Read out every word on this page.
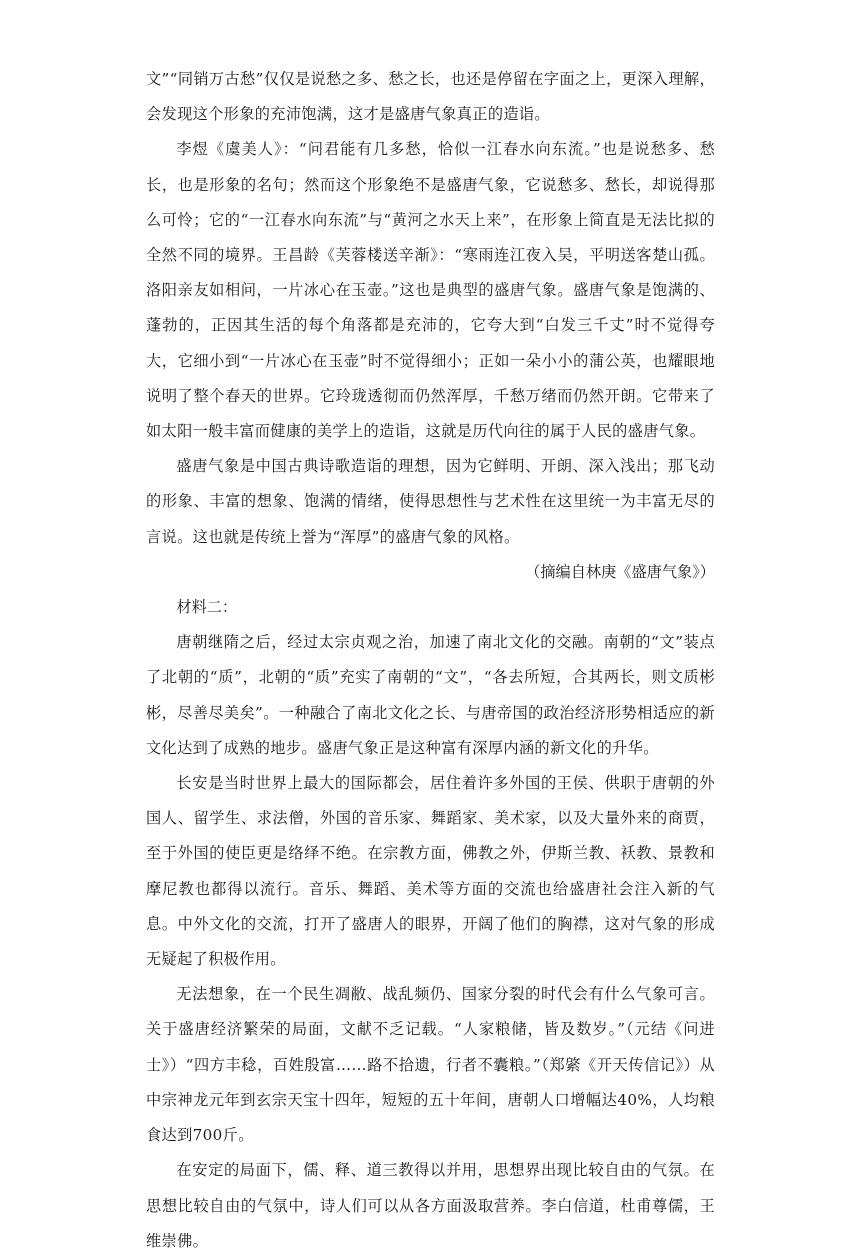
文”“同销万古愁”仅仅是说愁之多、愁之长，也还是停留在字面之上，更深入理解，会发现这个形象的充沛饱满，这才是盛唐气象真正的造诣。

李煜《虞美人》：“问君能有几多愁，恰似一江春水向东流。”也是说愁多、愁长，也是形象的名句；然而这个形象绝不是盛唐气象，它说愁多、愁长，却说得那么可怜；它的“一江春水向东流”与“黄河之水天上来”，在形象上简直是无法比拟的全然不同的境界。王昌龄《芙蓉楼送辛渐》：“寒雨连江夜入吴，平明送客楚山孤。洛阳亲友如相问，一片冰心在玉壶。”这也是典型的盛唐气象。盛唐气象是饱满的、蓬勃的，正因其生活的每个角落都是充沛的，它夸大到“白发三千丈”时不觉得夸大，它细小到“一片冰心在玉壶”时不觉得细小；正如一朵小小的蒲公英，也耀眼地说明了整个春天的世界。它玲珑透彻而仍然浑厚，千愁万绪而仍然开朗。它带来了如太阳一般丰富而健康的美学上的造诣，这就是历代向往的属于人民的盛唐气象。

盛唐气象是中国古典诗歌造诣的理想，因为它鲜明、开朗、深入浅出；那飞动的形象、丰富的想象、饱满的情绪，使得思想性与艺术性在这里统一为丰富无尽的言说。这也就是传统上誉为“浑厚”的盛唐气象的风格。

（摘编自林庚《盛唐气象》）

材料二：

唐朝继隋之后，经过太宗贞观之治，加速了南北文化的交融。南朝的“文”装点了北朝的“质”，北朝的“质”充实了南朝的“文”，“各去所短，合其两长，则文质彬彬，尽善尽美矣”。一种融合了南北文化之长、与唐帝国的政治经济形势相适应的新文化达到了成熟的地步。盛唐气象正是这种富有深厚内涵的新文化的升华。

长安是当时世界上最大的国际都会，居住着许多外国的王侯、供职于唐朝的外国人、留学生、求法僧，外国的音乐家、舞蹈家、美术家，以及大量外来的商贾，至于外国的使臣更是络绎不绝。在宗教方面，佛教之外，伊斯兰教、袄教、景教和摩尼教也都得以流行。音乐、舞蹈、美术等方面的交流也给盛唐社会注入新的气息。中外文化的交流，打开了盛唐人的眼界，开阔了他们的胸襟，这对气象的形成无疑起了积极作用。

无法想象，在一个民生凋敝、战乱频仍、国家分裂的时代会有什么气象可言。关于盛唐经济繁荣的局面，文献不乏记载。“人家粮储，皆及数岁。”（元结《问进士》）“四方丰稔，百姓殷富……路不拾遗，行者不囊粮。”（郑綮《开天传信记》）从中宗神龙元年到玄宗天宝十四年，短短的五十年间，唐朝人口增幅达40%，人均粮食达到700斤。

在安定的局面下，儒、释、道三教得以并用，思想界出现比较自由的气氛。在思想比较自由的气氛中，诗人们可以从各方面汲取营养。李白信道，杜甫尊儒，王维崇佛。
